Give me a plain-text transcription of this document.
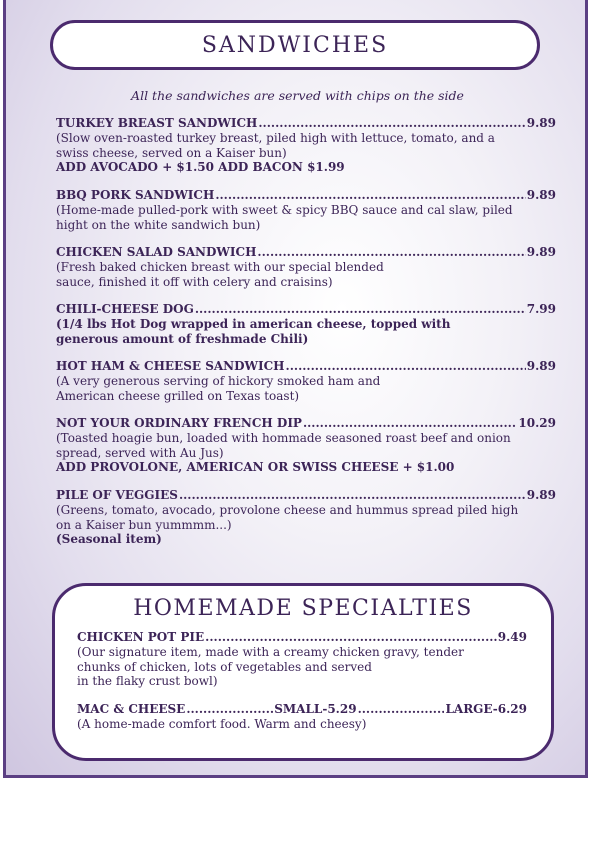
SANDWICHES
All the sandwiches are served with chips on the side
TURKEY BREAST SANDWICH .....	9.89
(Slow oven-roasted turkey breast, piled high with lettuce, tomato, and a
swiss cheese, served on a Kaiser bun)
ADD AVOCADO + $1.50 ADD BACON $1.99
BBQ PORK SANDWICH .....	9.89
(Home-made pulled-pork with sweet & spicy BBQ sauce and cal slaw, piled
hight on the white sandwich bun)
CHICKEN SALAD SANDWICH .....	9.89
(Fresh baked chicken breast with our special blended
sauce, finished it off with celery and craisins)
CHILI-CHEESE DOG .....	7.99
(1/4 lbs Hot Dog wrapped in american cheese, topped with
generous amount of freshmade Chili)
HOT HAM & CHEESE SANDWICH .....	9.89
(A very generous serving of hickory smoked ham and
American cheese grilled on Texas toast)
NOT YOUR ORDINARY FRENCH DIP .....	10.29
(Toasted hoagie bun, loaded with hommade seasoned roast beef and onion
spread, served with Au Jus)
ADD PROVOLONE, AMERICAN OR SWISS CHEESE + $1.00
PILE OF VEGGIES .....	9.89
(Greens, tomato, avocado, provolone cheese and hummus spread piled high
on a Kaiser bun yummmm...)
(Seasonal item)
HOMEMADE SPECIALTIES
CHICKEN POT PIE .....	9.49
(Our signature item, made with a creamy chicken gravy, tender
chunks of chicken, lots of vegetables and served
in the flaky crust bowl)
MAC & CHEESE .....	SMALL-5.29 .....	LARGE-6.29
(A home-made comfort food. Warm and cheesy)
